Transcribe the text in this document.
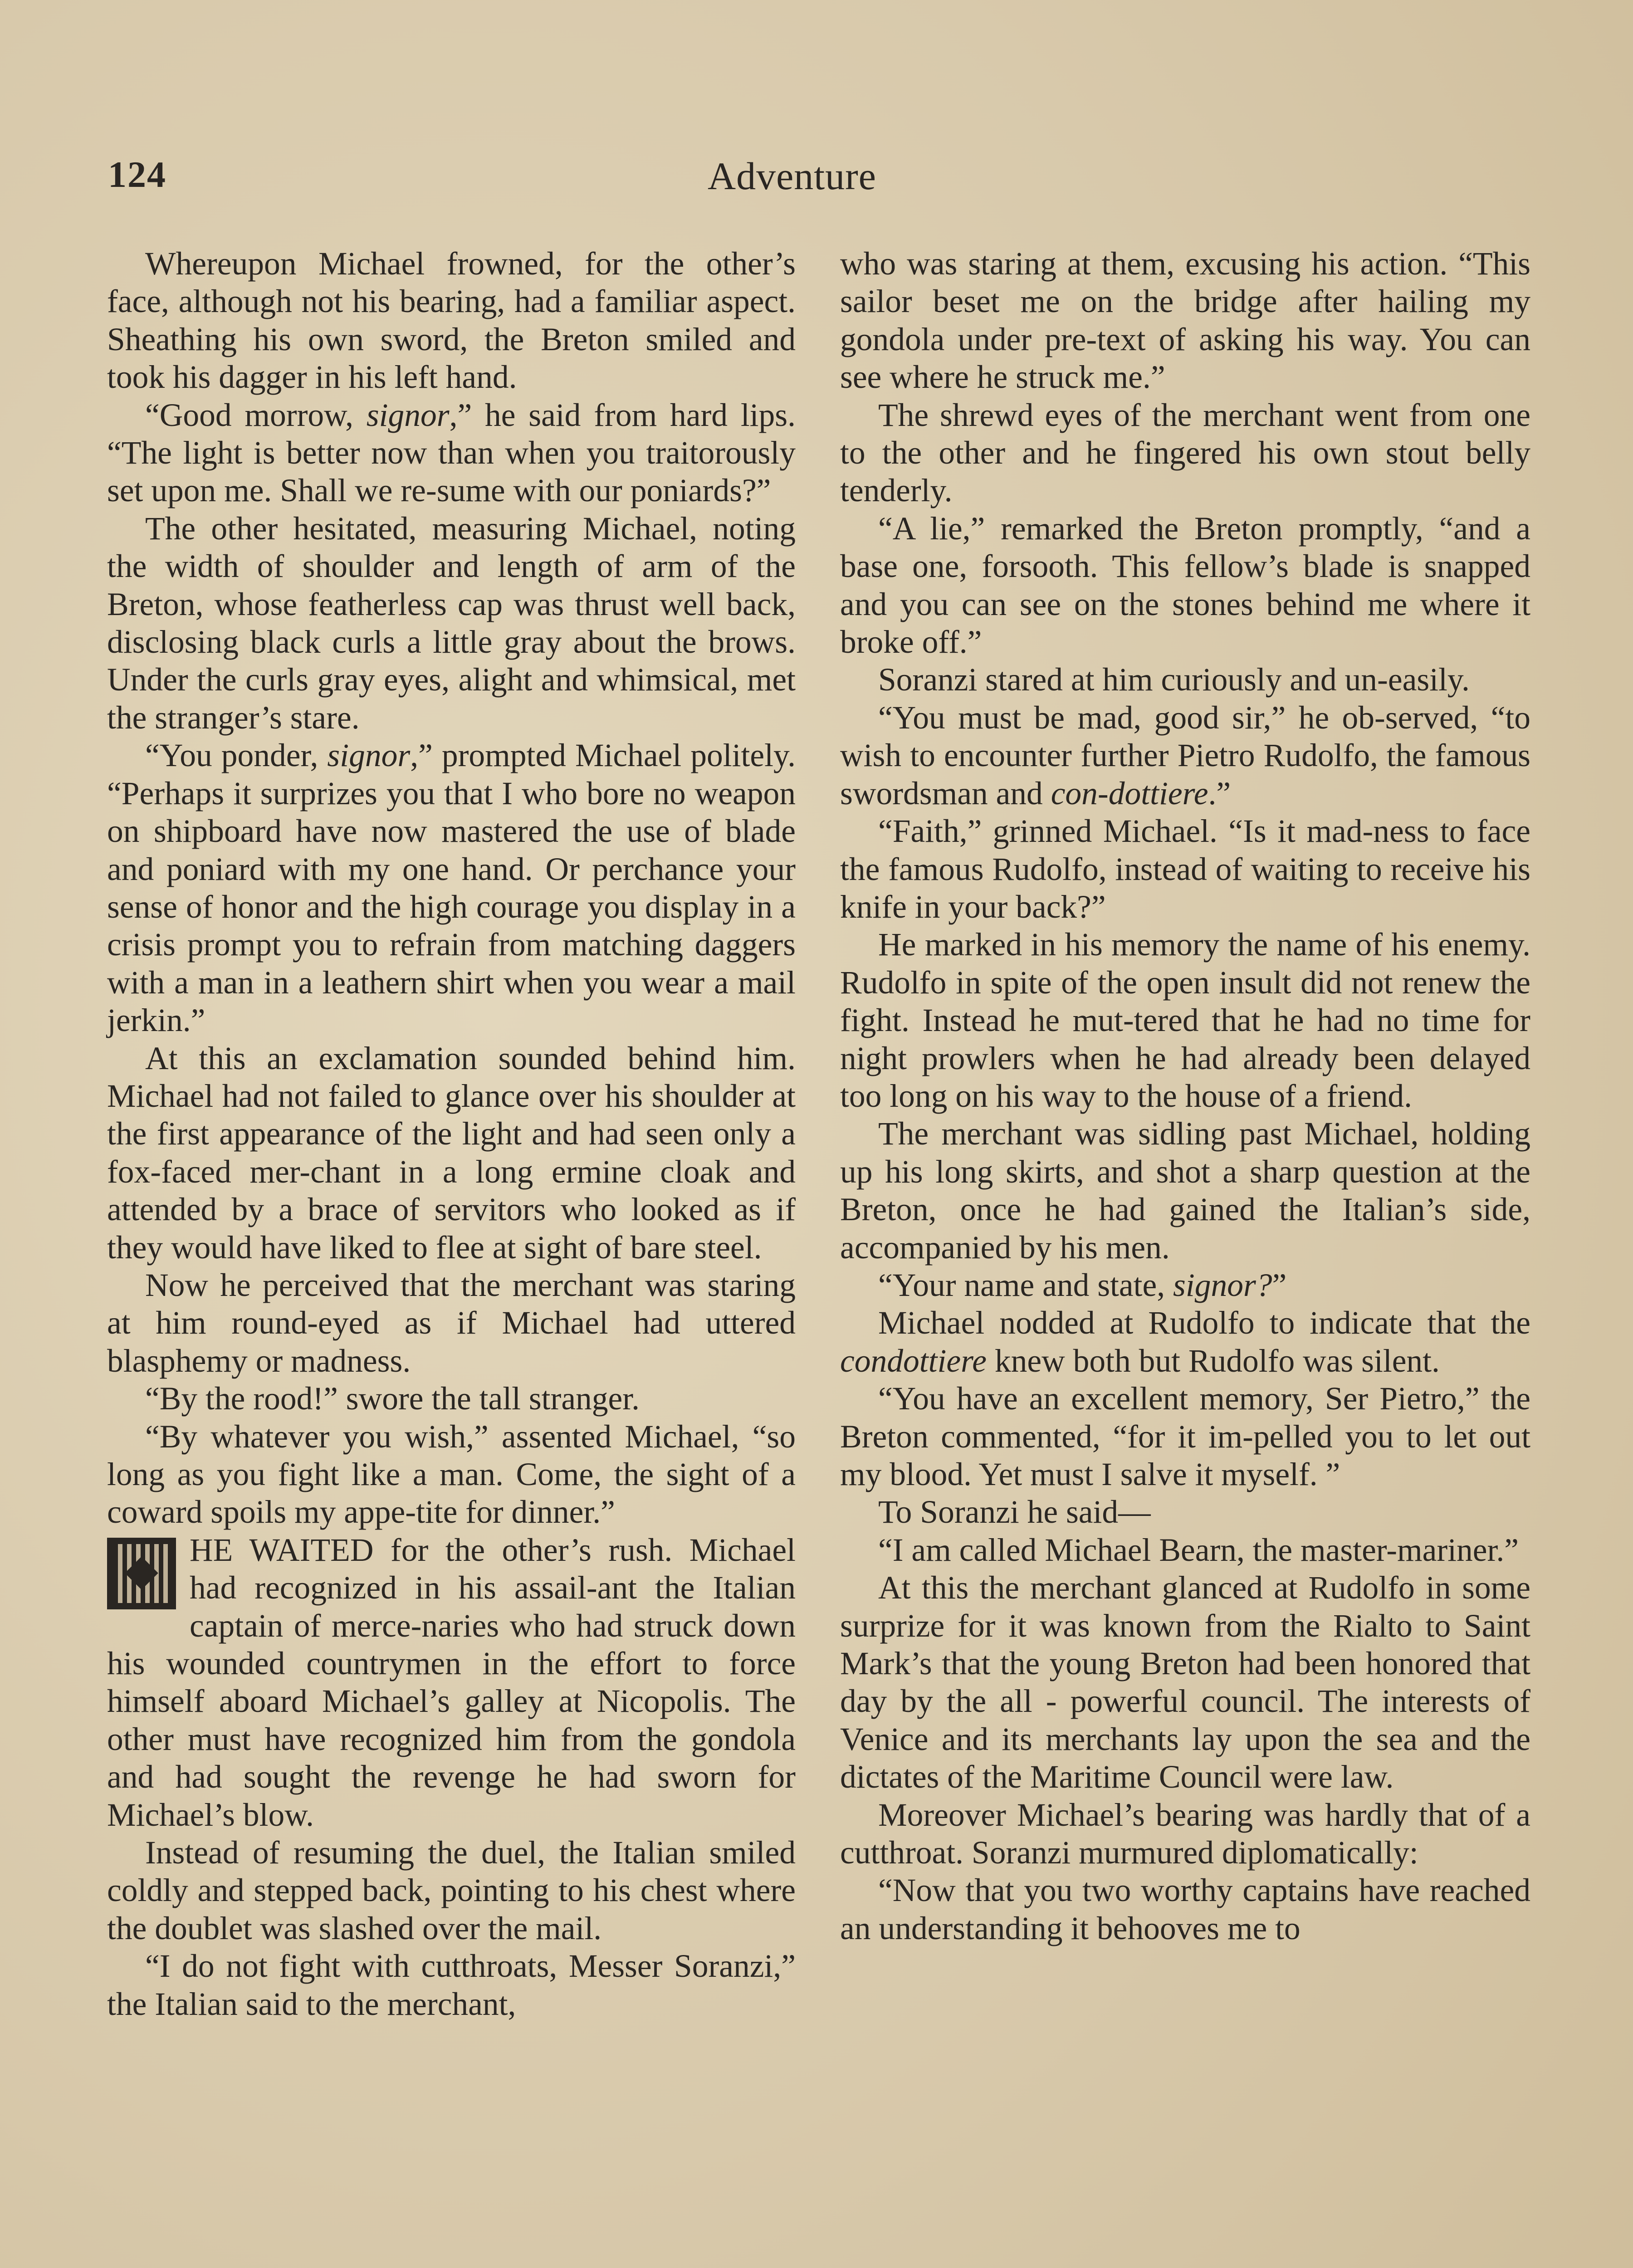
124	Adventure

Whereupon Michael frowned, for the other’s face, although not his bearing, had a familiar aspect. Sheathing his own sword, the Breton smiled and took his dagger in his left hand.

“Good morrow, signor,” he said from hard lips. “The light is better now than when you traitorously set upon me. Shall we re-sume with our poniards?”

The other hesitated, measuring Michael, noting the width of shoulder and length of arm of the Breton, whose featherless cap was thrust well back, disclosing black curls a little gray about the brows. Under the curls gray eyes, alight and whimsical, met the stranger’s stare.

“You ponder, signor,” prompted Michael politely. “Perhaps it surprizes you that I who bore no weapon on shipboard have now mastered the use of blade and poniard with my one hand. Or perchance your sense of honor and the high courage you display in a crisis prompt you to refrain from matching daggers with a man in a leathern shirt when you wear a mail jerkin.”

At this an exclamation sounded behind him. Michael had not failed to glance over his shoulder at the first appearance of the light and had seen only a fox-faced mer-chant in a long ermine cloak and attended by a brace of servitors who looked as if they would have liked to flee at sight of bare steel.

Now he perceived that the merchant was staring at him round-eyed as if Michael had uttered blasphemy or madness.

“By the rood!” swore the tall stranger.

“By whatever you wish,” assented Michael, “so long as you fight like a man. Come, the sight of a coward spoils my appe-tite for dinner.”

HE WAITED for the other’s rush. Michael had recognized in his assail-ant the Italian captain of merce-naries who had struck down his wounded countrymen in the effort to force himself aboard Michael’s galley at Nicopolis. The other must have recognized him from the gondola and had sought the revenge he had sworn for Michael’s blow.

Instead of resuming the duel, the Italian smiled coldly and stepped back, pointing to his chest where the doublet was slashed over the mail.

“I do not fight with cutthroats, Messer Soranzi,” the Italian said to the merchant,

who was staring at them, excusing his action. “This sailor beset me on the bridge after hailing my gondola under pre-text of asking his way. You can see where he struck me.”

The shrewd eyes of the merchant went from one to the other and he fingered his own stout belly tenderly.

“A lie,” remarked the Breton promptly, “and a base one, forsooth. This fellow’s blade is snapped and you can see on the stones behind me where it broke off.”

Soranzi stared at him curiously and un-easily.

“You must be mad, good sir,” he ob-served, “to wish to encounter further Pietro Rudolfo, the famous swordsman and con-dottiere.”

“Faith,” grinned Michael. “Is it mad-ness to face the famous Rudolfo, instead of waiting to receive his knife in your back?”

He marked in his memory the name of his enemy. Rudolfo in spite of the open insult did not renew the fight. Instead he mut-tered that he had no time for night prowlers when he had already been delayed too long on his way to the house of a friend.

The merchant was sidling past Michael, holding up his long skirts, and shot a sharp question at the Breton, once he had gained the Italian’s side, accompanied by his men.

“Your name and state, signor?”

Michael nodded at Rudolfo to indicate that the condottiere knew both but Rudolfo was silent.

“You have an excellent memory, Ser Pietro,” the Breton commented, “for it im-pelled you to let out my blood. Yet must I salve it myself. ”

To Soranzi he said—

“I am called Michael Bearn, the master-mariner.”

At this the merchant glanced at Rudolfo in some surprize for it was known from the Rialto to Saint Mark’s that the young Breton had been honored that day by the all - powerful council. The interests of Venice and its merchants lay upon the sea and the dictates of the Maritime Council were law.

Moreover Michael’s bearing was hardly that of a cutthroat. Soranzi murmured diplomatically:

“Now that you two worthy captains have reached an understanding it behooves me to
